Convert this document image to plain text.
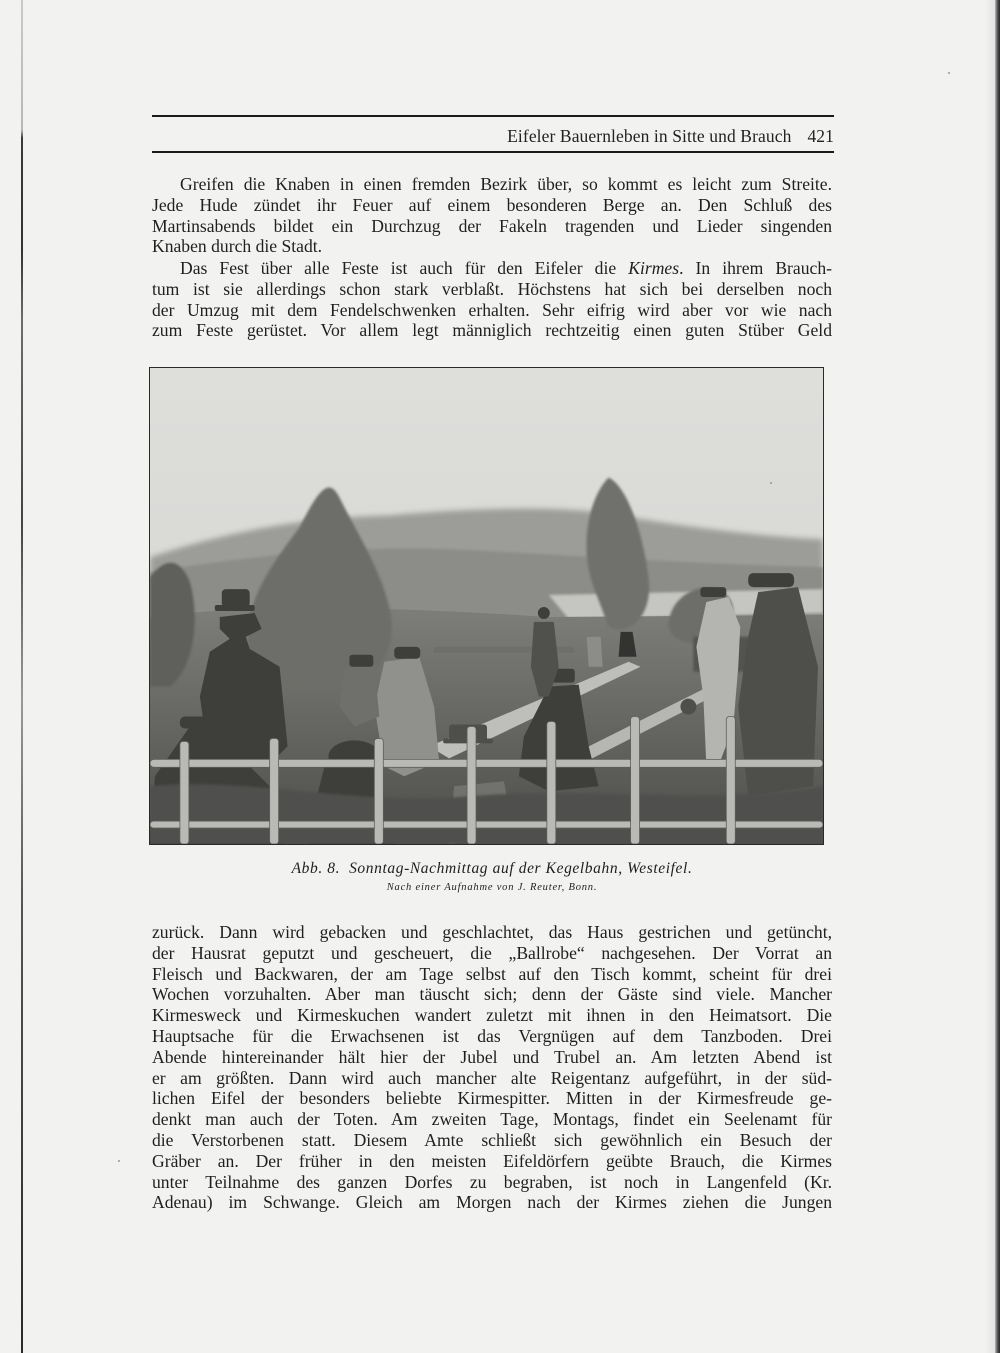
Eifeler Bauernleben in Sitte und Brauch 421
Greifen die Knaben in einen fremden Bezirk über, so kommt es leicht zum Streite.
Jede Hude zündet ihr Feuer auf einem besonderen Berge an. Den Schluß des
Martinsabends bildet ein Durchzug der Fakeln tragenden und Lieder singenden
Knaben durch die Stadt.
Das Fest über alle Feste ist auch für den Eifeler die Kirmes. In ihrem Brauch-
tum ist sie allerdings schon stark verblaßt. Höchstens hat sich bei derselben noch
der Umzug mit dem Fendelschwenken erhalten. Sehr eifrig wird aber vor wie nach
zum Feste gerüstet. Vor allem legt männiglich rechtzeitig einen guten Stüber Geld
Abb. 8. Sonntag-Nachmittag auf der Kegelbahn, Westeifel.
Nach einer Aufnahme von J. Reuter, Bonn.
zurück. Dann wird gebacken und geschlachtet, das Haus gestrichen und getüncht,
der Hausrat geputzt und gescheuert, die „Ballrobe“ nachgesehen. Der Vorrat an
Fleisch und Backwaren, der am Tage selbst auf den Tisch kommt, scheint für drei
Wochen vorzuhalten. Aber man täuscht sich; denn der Gäste sind viele. Mancher
Kirmesweck und Kirmeskuchen wandert zuletzt mit ihnen in den Heimatsort. Die
Hauptsache für die Erwachsenen ist das Vergnügen auf dem Tanzboden. Drei
Abende hintereinander hält hier der Jubel und Trubel an. Am letzten Abend ist
er am größten. Dann wird auch mancher alte Reigentanz aufgeführt, in der süd-
lichen Eifel der besonders beliebte Kirmespitter. Mitten in der Kirmesfreude ge-
denkt man auch der Toten. Am zweiten Tage, Montags, findet ein Seelenamt für
die Verstorbenen statt. Diesem Amte schließt sich gewöhnlich ein Besuch der
Gräber an. Der früher in den meisten Eifeldörfern geübte Brauch, die Kirmes
unter Teilnahme des ganzen Dorfes zu begraben, ist noch in Langenfeld (Kr.
Adenau) im Schwange. Gleich am Morgen nach der Kirmes ziehen die Jungen
